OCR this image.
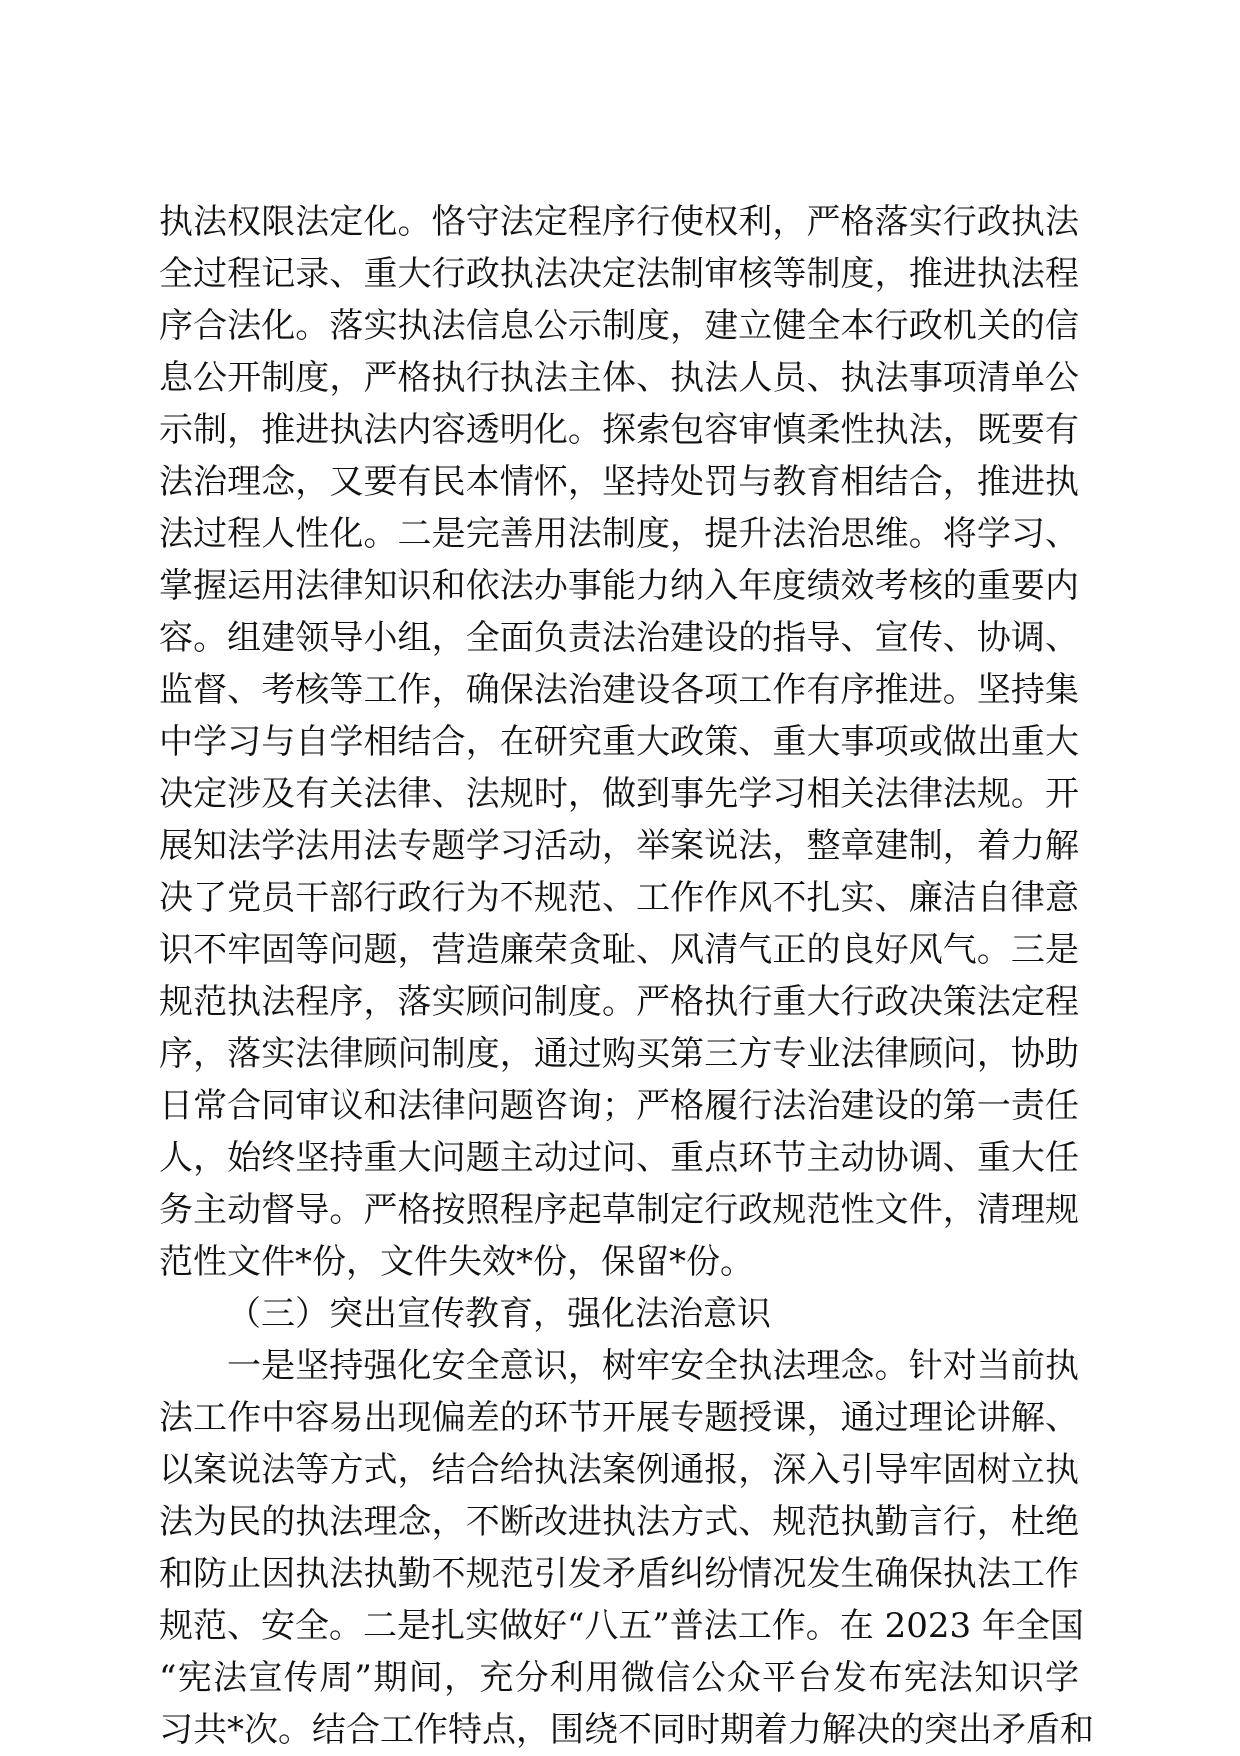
执法权限法定化。恪守法定程序行使权利，严格落实行政执法
全过程记录、重大行政执法决定法制审核等制度，推进执法程
序合法化。落实执法信息公示制度，建立健全本行政机关的信
息公开制度，严格执行执法主体、执法人员、执法事项清单公
示制，推进执法内容透明化。探索包容审慎柔性执法，既要有
法治理念，又要有民本情怀，坚持处罚与教育相结合，推进执
法过程人性化。二是完善用法制度，提升法治思维。将学习、
掌握运用法律知识和依法办事能力纳入年度绩效考核的重要内
容。组建领导小组，全面负责法治建设的指导、宣传、协调、
监督、考核等工作，确保法治建设各项工作有序推进。坚持集
中学习与自学相结合，在研究重大政策、重大事项或做出重大
决定涉及有关法律、法规时，做到事先学习相关法律法规。开
展知法学法用法专题学习活动，举案说法，整章建制，着力解
决了党员干部行政行为不规范、工作作风不扎实、廉洁自律意
识不牢固等问题，营造廉荣贪耻、风清气正的良好风气。三是
规范执法程序，落实顾问制度。严格执行重大行政决策法定程
序，落实法律顾问制度，通过购买第三方专业法律顾问，协助
日常合同审议和法律问题咨询；严格履行法治建设的第一责任
人，始终坚持重大问题主动过问、重点环节主动协调、重大任
务主动督导。严格按照程序起草制定行政规范性文件，清理规
范性文件*份，文件失效*份，保留*份。
（三）突出宣传教育，强化法治意识
一是坚持强化安全意识，树牢安全执法理念。针对当前执
法工作中容易出现偏差的环节开展专题授课，通过理论讲解、
以案说法等方式，结合给执法案例通报，深入引导牢固树立执
法为民的执法理念，不断改进执法方式、规范执勤言行，杜绝
和防止因执法执勤不规范引发矛盾纠纷情况发生确保执法工作
规范、安全。二是扎实做好“八五”普法工作。在 2023 年全国
“宪法宣传周”期间，充分利用微信公众平台发布宪法知识学
习共*次。结合工作特点，围绕不同时期着力解决的突出矛盾和
